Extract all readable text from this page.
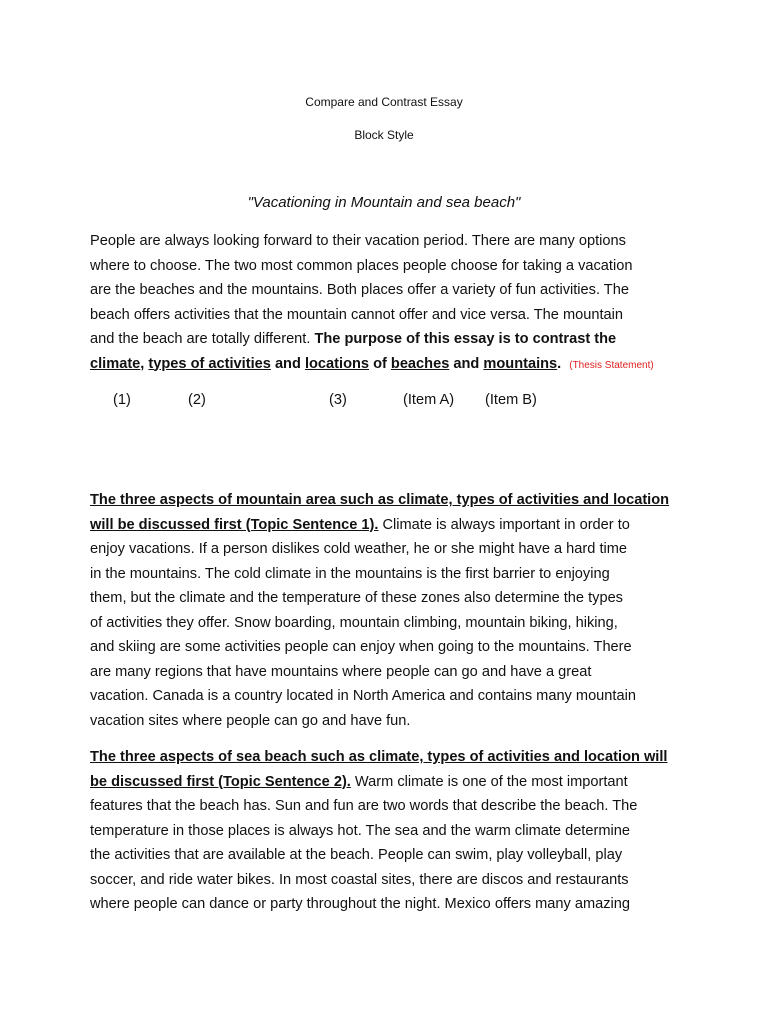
Compare and Contrast Essay
Block Style
"Vacationing in Mountain and sea beach"
People are always looking forward to their vacation period. There are many options
where to choose. The two most common places people choose for taking a vacation
are the beaches and the mountains. Both places offer a variety of fun activities. The
beach offers activities that the mountain cannot offer and vice versa. The mountain
and the beach are totally different. The purpose of this essay is to contrast the
climate, types of activities and locations of beaches and mountains. (Thesis Statement)
(1)	(2)	(3)	(Item A) (Item B)
The three aspects of mountain area such as climate, types of activities and location
will be discussed first (Topic Sentence 1). Climate is always important in order to
enjoy vacations. If a person dislikes cold weather, he or she might have a hard time
in the mountains. The cold climate in the mountains is the first barrier to enjoying
them, but the climate and the temperature of these zones also determine the types
of activities they offer. Snow boarding, mountain climbing, mountain biking, hiking,
and skiing are some activities people can enjoy when going to the mountains. There
are many regions that have mountains where people can go and have a great
vacation. Canada is a country located in North America and contains many mountain
vacation sites where people can go and have fun.
The three aspects of sea beach such as climate, types of activities and location will
be discussed first (Topic Sentence 2). Warm climate is one of the most important
features that the beach has. Sun and fun are two words that describe the beach. The
temperature in those places is always hot. The sea and the warm climate determine
the activities that are available at the beach. People can swim, play volleyball, play
soccer, and ride water bikes. In most coastal sites, there are discos and restaurants
where people can dance or party throughout the night. Mexico offers many amazing
